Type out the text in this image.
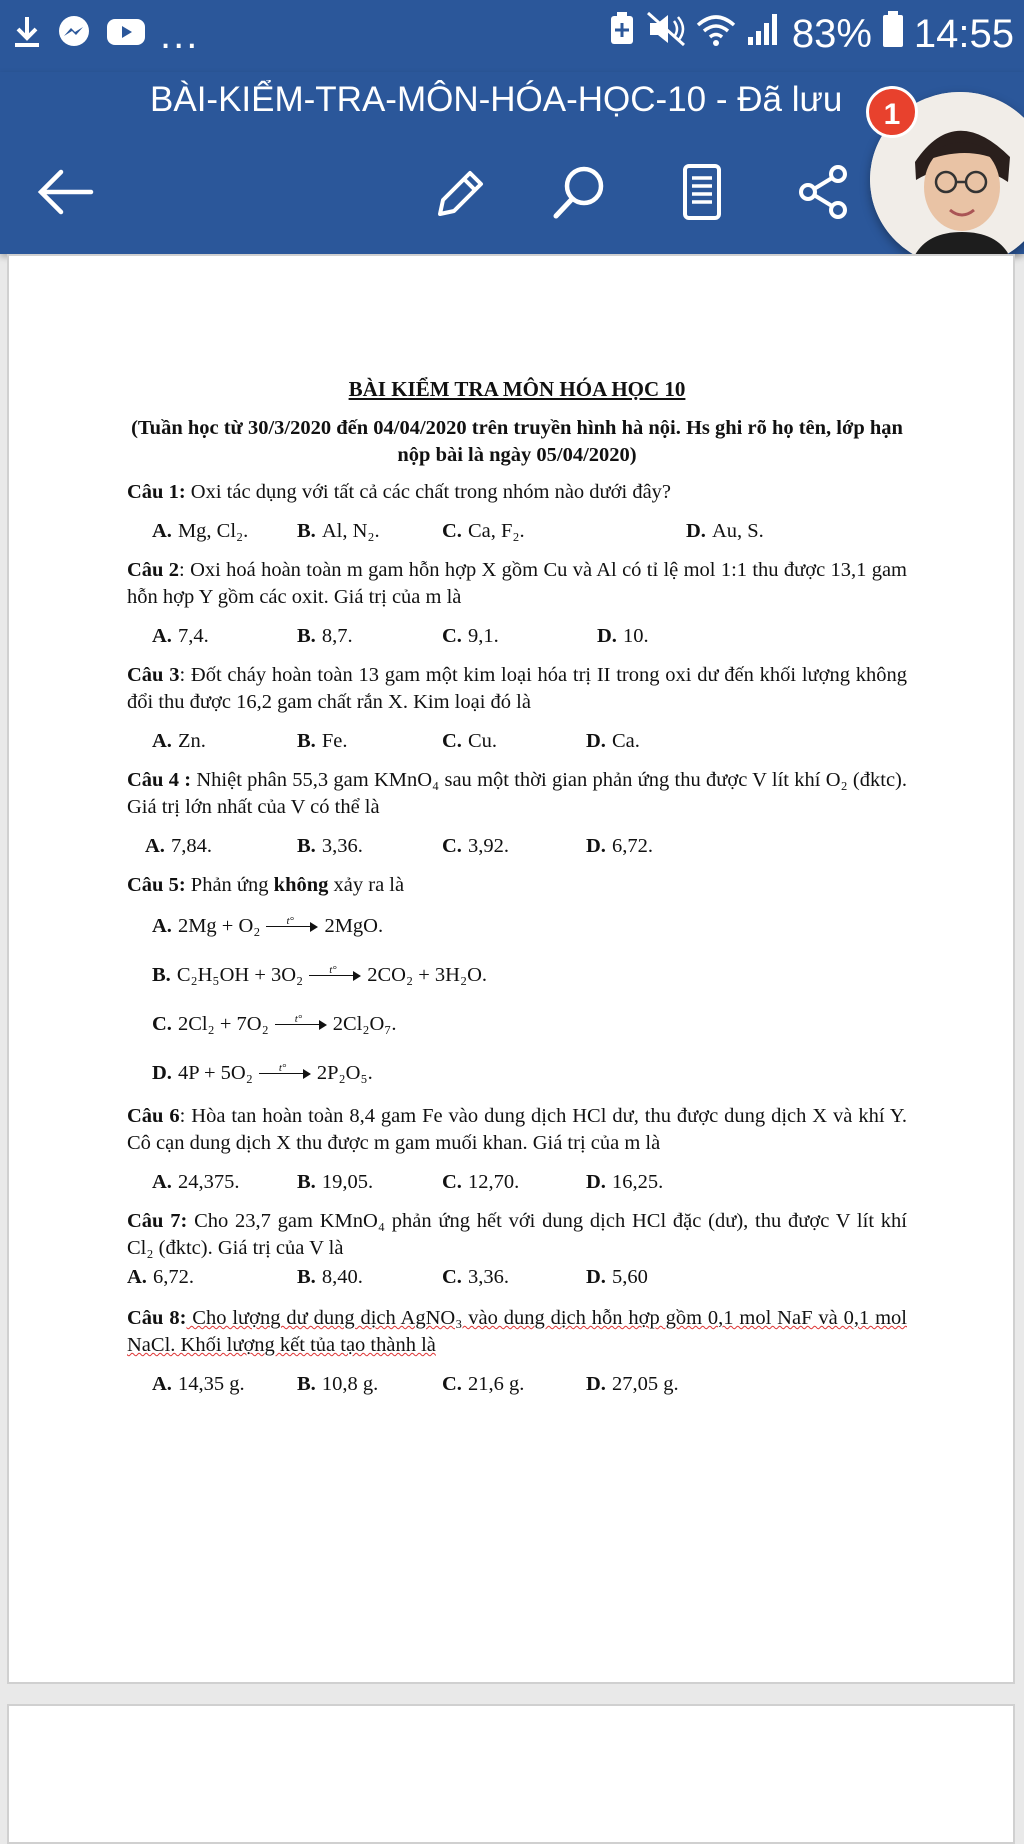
...	83% 14:55
BÀI-KIỂM-TRA-MÔN-HÓA-HỌC-10 - Đã lưu	1

BÀI KIỂM TRA MÔN HÓA HỌC 10

(Tuần học từ 30/3/2020 đến 04/04/2020 trên truyền hình hà nội. Hs ghi rõ họ tên, lớp hạn nộp bài là ngày 05/04/2020)

Câu 1: Oxi tác dụng với tất cả các chất trong nhóm nào dưới đây?

A. Mg, Cl₂. B. Al, N₂.	C. Ca, F₂.	D. Au, S.

Câu 2: Oxi hoá hoàn toàn m gam hỗn hợp X gồm Cu và Al có tỉ lệ mol 1:1 thu được 13,1 gam hỗn hợp Y gồm các oxit. Giá trị của m là

A. 7,4.	B. 8,7.	C. 9,1.	D. 10.

Câu 3: Đốt cháy hoàn toàn 13 gam một kim loại hóa trị II trong oxi dư đến khối lượng không đổi thu được 16,2 gam chất rắn X. Kim loại đó là

A. Zn.	B. Fe.	C. Cu.	D. Ca.

Câu 4 : Nhiệt phân 55,3 gam KMnO₄ sau một thời gian phản ứng thu được V lít khí O₂ (đktc). Giá trị lớn nhất của V có thể là

A. 7,84.	B. 3,36.	C. 3,92.	D. 6,72.

Câu 5: Phản ứng không xảy ra là

A. 2Mg + O₂ t° 2MgO.
B. C₂H₅OH + 3O₂ t° 2CO₂ + 3H₂O.
C. 2Cl₂ + 7O₂ t° 2Cl₂O₇.
D. 4P + 5O₂ t° 2P₂O₅.

Câu 6: Hòa tan hoàn toàn 8,4 gam Fe vào dung dịch HCl dư, thu được dung dịch X và khí Y. Cô cạn dung dịch X thu được m gam muối khan. Giá trị của m là

A. 24,375.	B. 19,05.	C. 12,70.	D. 16,25.

Câu 7: Cho 23,7 gam KMnO₄ phản ứng hết với dung dịch HCl đặc (dư), thu được V lít khí Cl₂ (đktc). Giá trị của V là

A. 6,72.	B. 8,40.	C. 3,36.	D. 5,60

Câu 8: Cho lượng dư dung dịch AgNO₃ vào dung dịch hỗn hợp gồm 0,1 mol NaF và 0,1 mol NaCl. Khối lượng kết tủa tạo thành là

A. 14,35 g.	B. 10,8 g.	C. 21,6 g.	D. 27,05 g.
